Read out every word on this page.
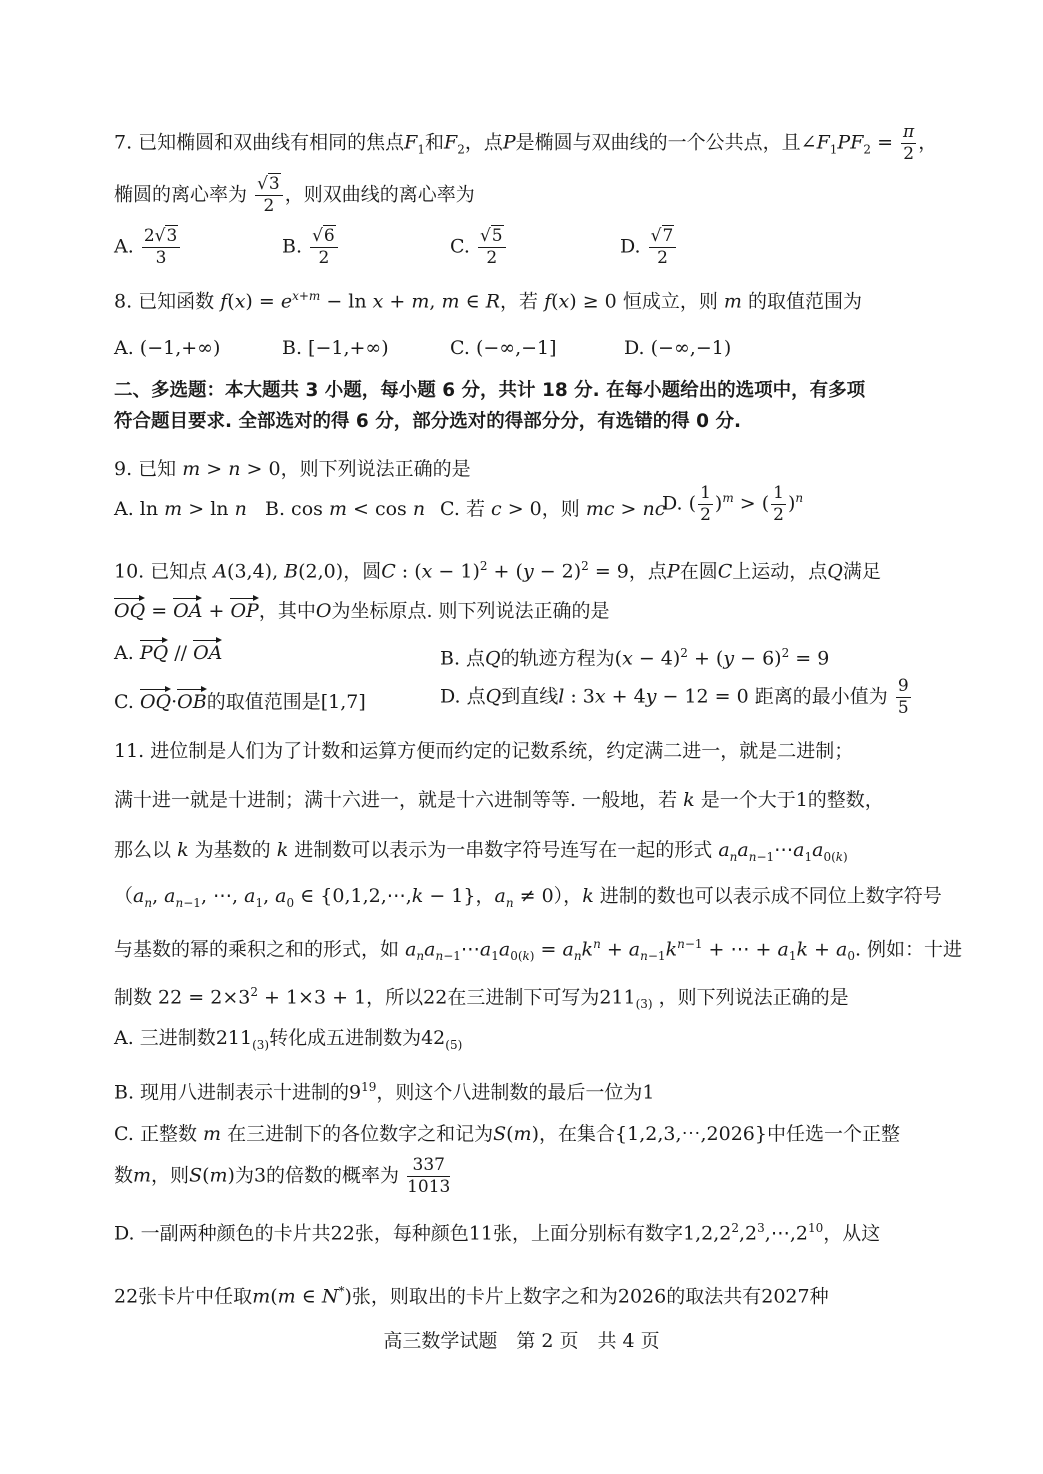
7. 已知椭圆和双曲线有相同的焦点$F_1$和$F_2$，点P是椭圆与双曲线的一个公共点，且$\angle F_1PF_2 = \frac{\pi}{2}$ ，
椭圆的离心率为 $\frac{√3}{2}$ ，则双曲线的离心率为
A. $\frac{2√3}{3}$	B. $\frac{√6}{2}$	C. $\frac{√5}{2}$	D. $\frac{√7}{2}$
8. 已知函数 $f(x) = e^{x+m} - \ln x + m$, m ∈ R，若 f(x) ≥ 0 恒成立，则 m 的取值范围为
A. (−1,+∞)	B. [−1,+∞)	C. (−∞,−1]	D. (−∞,−1)
二、多选题：本大题共 3 小题，每小题 6 分，共计 18 分. 在每小题给出的选项中，有多项
符合题目要求. 全部选对的得 6 分，部分选对的得部分分，有选错的得 0 分.
9. 已知 m > n > 0，则下列说法正确的是
A. ln m > ln n B. cos m < cos n C. 若 c > 0，则 mc > nc
D. ( $\frac{1}{2} )^m$ > ( $\frac{1}{2} )^n$
10. 已知点 A(3,4), B(2,0)，圆C : $(x - 1)^2 + (y - 2)^2 = 9$，点P在圆C上运动，点Q满足
OQ = OA + OP，其中O为坐标原点. 则下列说法正确的是
A. PQ // OA	B. 点Q的轨迹方程为$(x - 4)^2 + (y - 6)^2 = 9$
C. OQ·OB的取值范围是[1,7]	D. 点Q到直线l : 3x + 4y − 12 = 0 距离的最小值为 $\frac{9}{5}$
11. 进位制是人们为了计数和运算方便而约定的记数系统，约定满二进一，就是二进制；
满十进一就是十进制；满十六进一，就是十六进制等等. 一般地，若 k 是一个大于1的整数，
那么以 k 为基数的 k 进制数可以表示为一串数字符号连写在一起的形式 $a_na_{n-1}\cdots a_1a_{0(k)}$
（$a_n$, $a_{n-1}$, ⋯, $a_1$, $a_0$ ∈ {0,1,2,⋯,k − 1}，$a_n \ne 0$），k 进制的数也可以表示成不同位上数字符号
与基数的幂的乘积之和的形式，如 $a_na_{n-1}\cdots a_1a_{0(k)} = a_nk^n + a_{n-1}k^{n-1}$ + ⋯ + $a_1k + a_0$. 例如：十进
制数 $22 = 2\times 3^2 + 1\times 3 + 1$，所以22在三进制下可写为$211_{(3)}$ ，则下列说法正确的是
A. 三进制数$211_{(3)}$转化成五进制数为$42_{(5)}$
B. 现用八进制表示十进制的$9^{19}$，则这个八进制数的最后一位为1
C. 正整数 m 在三进制下的各位数字之和记为S(m)，在集合{1,2,3,⋯,2026}中任选一个正整
数m，则S(m)为3的倍数的概率为 $\frac{337}{1013}$
D. 一副两种颜色的卡片共22张，每种颜色11张，上面分别标有数字$1,2,2^2,2^3,\cdots,2^{10}$，从这
22张卡片中任取m(m ∈ N*)张，则取出的卡片上数字之和为2026的取法共有2027种
高三数学试题　第 2 页　共 4 页
